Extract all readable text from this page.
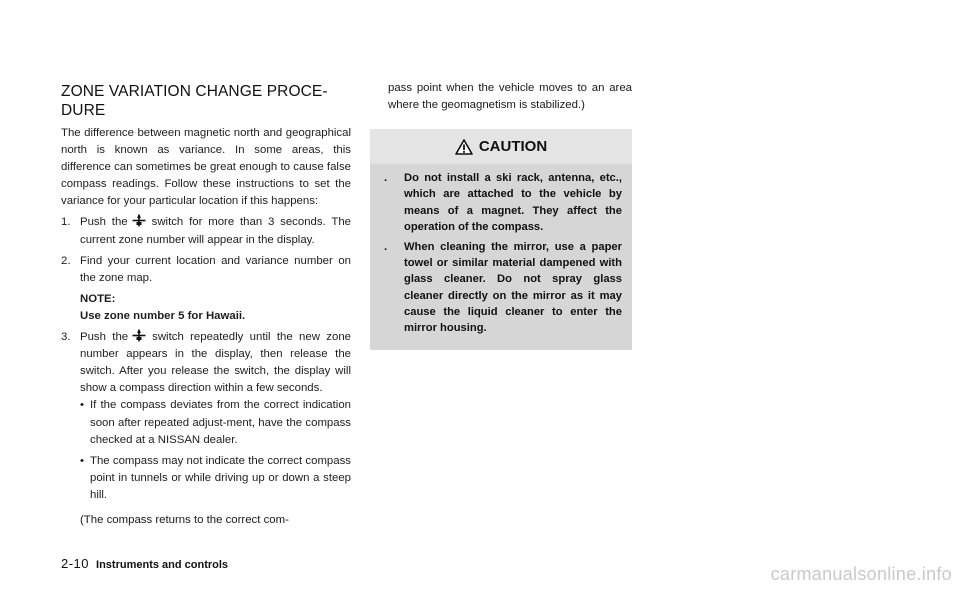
ZONE VARIATION CHANGE PROCE-
DURE

The difference between magnetic north and geographical north is known as variance. In some areas, this difference can sometimes be great enough to cause false compass readings. Follow these instructions to set the variance for your particular location if this happens:

1. Push the switch for more than 3 seconds. The current zone number will appear in the display.
2. Find your current location and variance number on the zone map.
NOTE:
Use zone number 5 for Hawaii.
3. Push the switch repeatedly until the new zone number appears in the display, then release the switch. After you release the switch, the display will show a compass direction within a few seconds.
• If the compass deviates from the correct indication soon after repeated adjust-ment, have the compass checked at a NISSAN dealer.
• The compass may not indicate the correct compass point in tunnels or while driving up or down a steep hill.

(The compass returns to the correct com-

pass point when the vehicle moves to an area where the geomagnetism is stabilized.)

CAUTION
.	Do not install a ski rack, antenna, etc., which are attached to the vehicle by means of a magnet. They affect the operation of the compass.
.	When cleaning the mirror, use a paper towel or similar material dampened with glass cleaner. Do not spray glass cleaner directly on the mirror as it may cause the liquid cleaner to enter the mirror housing.
2-10 Instruments and controls	carmanualsonline.info
